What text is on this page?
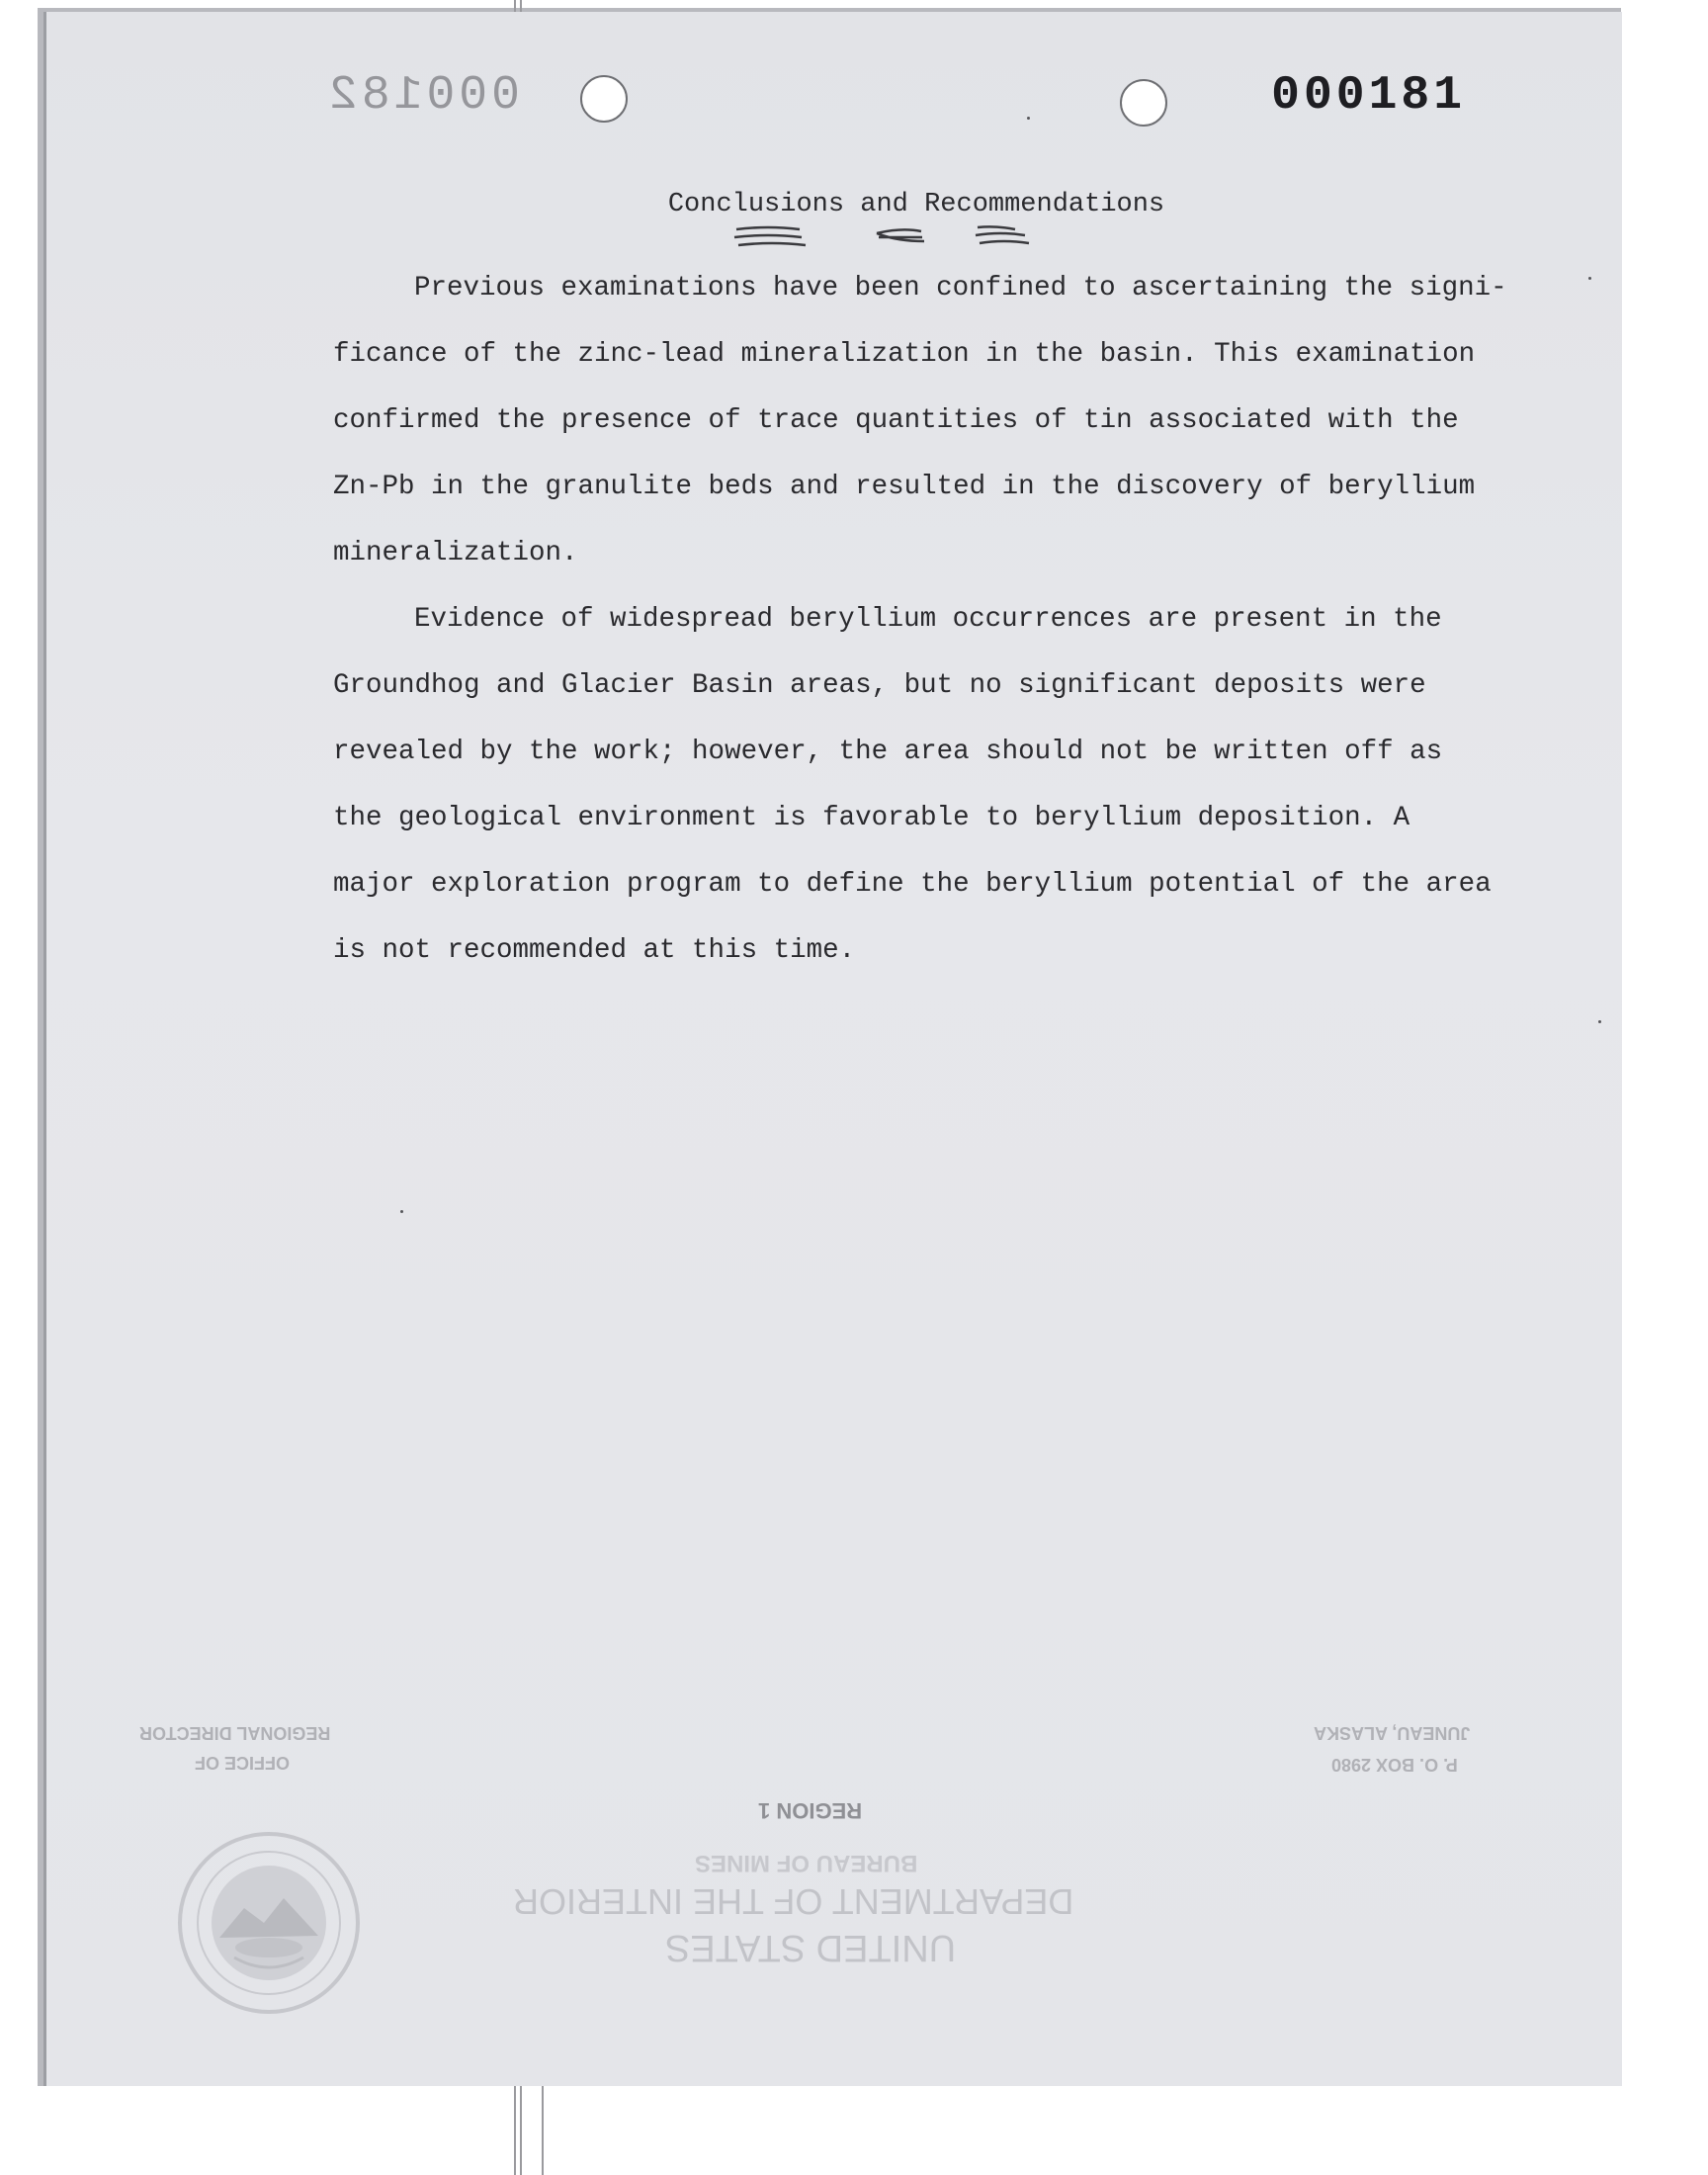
000182	000181
Conclusions and Recommendations

Previous examinations have been confined to ascertaining the signi-
ficance of the zinc-lead mineralization in the basin. This examination
confirmed the presence of trace quantities of tin associated with the
Zn-Pb in the granulite beds and resulted in the discovery of beryllium
mineralization.

Evidence of widespread beryllium occurrences are present in the
Groundhog and Glacier Basin areas, but no significant deposits were
revealed by the work; however, the area should not be written off as
the geological environment is favorable to beryllium deposition. A
major exploration program to define the beryllium potential of the area
is not recommended at this time.

OFFICE OF
REGIONAL DIRECTOR
P. O. BOX 2980
JUNEAU, ALASKA
REGION 1
BUREAU OF MINES
DEPARTMENT OF THE INTERIOR
UNITED STATES
